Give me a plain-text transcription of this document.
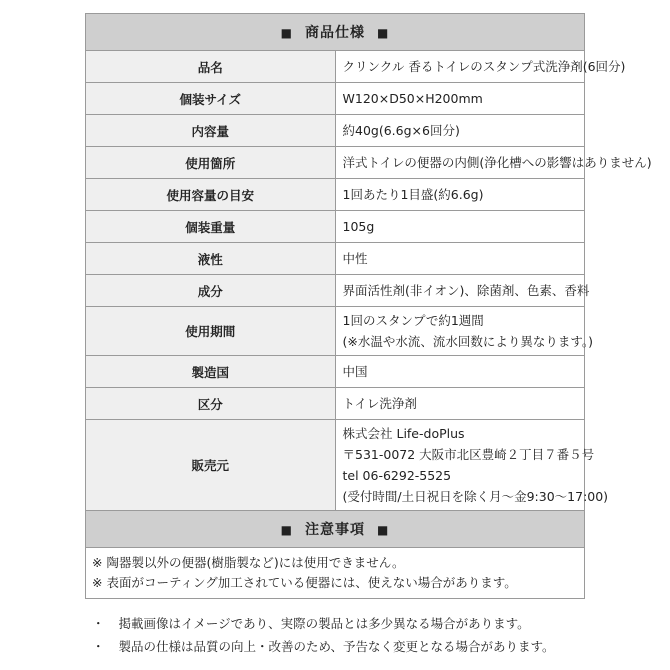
■ 商品仕様 ■	
品名	クリンクル 香るトイレのスタンプ式洗浄剤(6回分)

個装サイズ	W120×D50×H200mm

内容量	約40g(6.6g×6回分)

使用箇所	洋式トイレの便器の内側(浄化槽への影響はありません)

使用容量の目安	1回あたり1目盛(約6.6g)

個装重量	105g

液性	中性

成分	界面活性剤(非イオン)、除菌剤、色素、香料

使用期間	1回のスタンプで約1週間
(※水温や水流、流水回数により異なります。)

製造国	中国

区分	トイレ洗浄剤

販売元	株式会社 Life-doPlus
〒531-0072 大阪市北区豊崎２丁目７番５号
tel 06-6292-5525
(受付時間/土日祝日を除く月～金9:30～17:00)

■ 注意事項 ■	

※ 陶器製以外の便器(樹脂製など)には使用できません。
※ 表面がコーティング加工されている便器には、使えない場合があります。	
・ 掲載画像はイメージであり、実際の製品とは多少異なる場合があります。
・ 製品の仕様は品質の向上・改善のため、予告なく変更となる場合があります。
